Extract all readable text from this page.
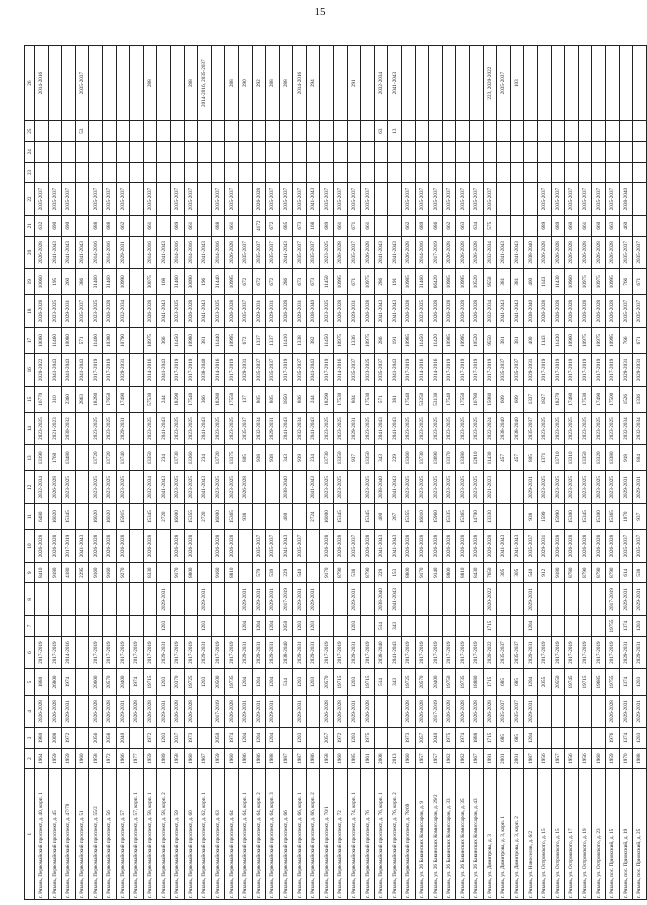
15
1	2	3	4	5	6	7	8	9	10	11	12	13	14	15	16	17	18	19	20	21	22	23	24	25	26
г. Рязань, Первомайский проспект, д. 40, корп. 1	1964	1980	2026-2028	1880	2017-2019			8410	2026-2028	6480	2032-2034	13190	2023-2025	16770	2020-2022	10060	2026-2028	10060	2026-2028	632	2035-2037				2014-2016
г. Рязань, Первомайский проспект, д. 45	1959	2008	2026-2028	26800	2017-2019			9180	2026-2028	16020	2026-2028	1760	2021-2023	310	2041-2043	11460	2023-2025	195	2041-2043	690	2035-2037				
г. Рязань, Первомайский проспект, д. 47/70	1959	1972	2029-2031	1974	2014-2016			4180	2017-2019	15345	2023-2025	13480	2030-2032	2360	2041-2043	10080	2029-2031	260	2041-2043	690	2035-2037				
г. Рязань, Первомайский проспект, д. 51	1960							2295	2041-2043					2863	2041-2043	571	2035-2037	386	2041-2043					53	2035-2037
г. Рязань, Первомайский проспект, д. 55/2	1958	2056	2026-2028	20600	2017-2019			9160	2026-2028	16020	2023-2025	13720	2023-2025	18280	2017-2019	11460	2023-2025	31460	2014-2016	688	2035-2037				
г. Рязань, Первомайский проспект, д. 56	1972	2058	2026-2028	20570	2017-2019			9160	2026-2028	16020	2023-2025	13720	2023-2025	17650	2017-2019	10380	2026-2028	31460	2014-2016	688	2035-2037				
г. Рязань, Первомайский проспект, д. 57	1966	2040	2029-2031	20400	2017-2019			9270	2026-2028	15915	2023-2025	13740	2029-2031	17490	2029-2031	10790	2032-2034	10990	2029-2031	662	2035-2037				
г. Рязань, Первомайский проспект, д. 57, корп. 1	1977		2026-2028	1974	2017-2019																				
г. Рязань, Первомайский проспект, д. 58, корп. 1	1959	1972	2026-2028	19715	2017-2019			8330	2026-2028	15345	2032-2034	13350	2023-2025	57530	2014-2016	10975	2026-2028	30075	2014-2016	661	2035-2037				288
г. Рязань, Первомайский проспект, д. 58, корп. 2	1989	1203	2029-2031	1203	2029-2031	1203	2029-2031			2720	2041-2043	234	2041-2043	244	2041-2043	366	2041-2043	168	2041-2043						
г. Рязань, Первомайский проспект, д. 59	1958	2037	2026-2028	20370	2017-2019			9170	2026-2028	16000	2023-2025	13730	2023-2025	18290	2017-2019	11450	2023-2025	31460	2014-2016	689	2035-2037				
г. Рязань, Первомайский проспект, д. 60	1960	1973	2026-2028	19725	2017-2019			8800	2026-2028	15355	2023-2025	13360	2023-2025	17540	2017-2019	10980	2026-2028	30090	2014-2016	661	2035-2037				288
г. Рязань, Первомайский проспект, д. 62, корп. 1	1967			1203	2029-2031	1203	2029-2031			2720	2041-2043	234	2041-2043	366	2038-2040	381	2041-2043	196	2041-2043						2014-2016, 2035-2037
г. Рязань, Первомайский проспект, д. 63	1959	2050	2017-2019	20500	2017-2019			9160	2026-2028	16000	2023-2025	13720	2023-2025	18280	2014-2016	11440	2023-2025	31440	2014-2016	688	2035-2037				
г. Рязань, Первомайский проспект, д. 64	1960	1974	2026-2028	19735	2017-2019			8810	2026-2028	15365	2023-2025	13375	2023-2025	17550	2017-2019	10995	2026-2028	10995	2026-2028	661	2035-2037				288
г. Рязань, Первомайский проспект, д. 64, корп. 1	1986	1204	2029-2031	1204	2029-2031	1204	2029-2031			938	2026-2028	805	2035-2037	137	2029-2031	672	2035-2037	672	2035-2037						290
г. Рязань, Первомайский проспект, д. 64, корп. 2	1986	1204	2029-2031	1204	2029-2031	1204	2029-2031	579	2035-2037			938	2032-2034	805	2035-2037	1337	2029-2031	672	2035-2037	4172	2026-2028				292
г. Рязань, Первомайский проспект, д. 64, корп. 3	1988	1204	2029-2031	1204	2029-2031	1204	2029-2031	539	2035-2037			938	2029-2031	805	2035-2037	1337	2029-2031	672	2035-2037	672	2035-2037				288
г. Рязань, Первомайский проспект, д. 66	1987			514	2038-2040	2050	2017-2019	229	2041-2043	400	2038-2040	343	2041-2043	1850	2017-2019	11410	2026-2028	286	2041-2043	685	2035-2037				288
г. Рязань, Первомайский проспект, д. 66, корп. 1	1987	1203	2029-2031	1203	2029-2031	1203	2029-2031	540	2035-2037			939	2032-2034	806	2035-2037	1338	2029-2031	673	2035-2037	673	2035-2037				2014-2016
г. Рязань, Первомайский проспект, д. 66, корп. 2	1986			1203	2029-2031	1203	2029-2031			2724	2041-2043	234	2041-2043	244	2041-2043	382	2038-2040	673	2035-2037	168	2041-2043				294
г. Рязань, Первомайский проспект, д. 70/1	1958	2057	2026-2028	20570	2017-2019			9170	2026-2028	16000	2023-2025	13730	2023-2025	18290	2017-2019	11450	2023-2025	11450	2023-2025	689	2035-2037				
г. Рязань, Первомайский проспект, д. 72	1960	1972	2026-2028	19715	2017-2019			8790	2026-2028	15345	2023-2025	13350	2023-2025	17530	2014-2016	10975	2026-2028	10995	2026-2028	661	2035-2037				
г. Рязань, Первомайский проспект, д. 74, корп. 1	1985	1203	2029-2031	1203	2029-2031	1203	2029-2031	538	2035-2037			937	2029-2031	804	2035-2037	1336	2029-2031	671	2035-2037	671	2035-2037				291
г. Рязань, Первомайский проспект, д. 76	1961	1975	2026-2028	19715	2017-2019			8790	2026-2028	15345	2023-2025	13350	2023-2025	17530	2023-2025	10975	2026-2028	10975	2026-2028	661	2035-2037				
г. Рязань, Первомайский проспект, д. 76, корп. 1	2008			514	2038-2040	514	2038-2040	229	2041-2043	400	2038-2040	343	2041-2043	571	2035-2037	286	2041-2043	286	2041-2043					63	2032-2034
г. Рязань, Первомайский проспект, д. 76, корп. 2	2013			343	2041-2043	343	2041-2043	153	2041-2043	267	2041-2043	229	2041-2043	381	2041-2043	191	2041-2043	191	2041-2043					13	2041-2043
г. Рязань, Первомайский проспект, д. 78/69	1960	1973	2026-2028	19725	2017-2019			8800	2026-2028	15355	2023-2025	13360	2023-2025	17540	2017-2019	10985	2026-2028	10985	2026-2028	662	2035-2037				
г. Рязань, ул. 26 Бакинских Комиссаров, д. 9	1957	2057	2026-2028	20570	2017-2019			9170	2026-2028	16010	2023-2025	13730	2023-2025	53250	2014-2016	11450	2023-2025	31460	2014-2016	689	2035-2037				
г. Рязань, ул. 26 Бакинских Комиссаров, д. 29/2	1957	2040	2017-2019	20400	2017-2019			9140	2026-2028	15960	2023-2025	13690	2023-2025	53130	2014-2016	11420	2026-2028	66420	2017-2019	686	2035-2037				
г. Рязань, ул. 26 Бакинских Комиссаров, д. 33	1962	1975	2026-2028	19750	2017-2019			8800	2026-2028	15335	2023-2025	13370	2023-2025	17540	2017-2019	10985	2026-2028	10985	2026-2028	662	2035-2037				
г. Рязань, ул. 26 Бакинских Комиссаров, д. 35	1962	1974	2026-2028	19735	2017-2019			8810	2026-2028	15365	2023-2025	13380	2023-2025	17550	2017-2019	10995	2026-2028	10995	2026-2028	663	2035-2037				
г. Рязань, ул. 26 Бакинских Комиссаров, д. 43	1967	1888	2026-2028	18880	2017-2019			8430	2026-2028	14700	2023-2025	12810	2023-2025	16780	2017-2019	10520	2026-2028	10520	2026-2028	634	2035-2037				
г. Рязань, ул. Димитрова, д. 3	1991	1715	2026-2028	1715	2020-2022	1715	2020-2022	7650	2026-2028	13330	2021-2023	11430	2022-2024	15080	2017-2019	9550	2032-2034	9550	2032-2034	575	2035-2037				223, 2020-2022
г. Рязань, ул. Димитрова, д. 3, корп. 1	2001	685	2035-2037	685	2035-2037			305	2041-2043			457	2038-2040	609	2035-2037	381	2041-2043	381	2041-2043						2035-2037
г. Рязань, ул. Димитрова, д. 3, корп. 2	2001	685	2035-2037	685	2035-2037			305	2041-2043			457	2038-2040	609	2035-2037	381	2041-2043	381	2041-2043						103
г. Рязань, ул. Новоселов, д. 6/2	1987	1204	2029-2031	1204	2029-2031	1204	2029-2031	540	2035-2037	938	2029-2031	805	2035-2037	1337	2029-2031	400	2038-2040	400	2038-2040						
г. Рязань, ул. Островского, д. 15	1956			2055	2017-2019			912	2029-2031	1599	2023-2025	1371	2023-2025	1827	2017-2019	1143	2026-2028	1143	2026-2028	689	2035-2037				
г. Рязань, ул. Островского, д. 15	1957			20550	2017-2019			9180	2026-2028	15990	2023-2025	13710	2023-2025	18270	2017-2019	11430	2026-2028	11430	2026-2028	689	2035-2037				
г. Рязань, ул. Островского, д. 17	1956			19745	2017-2019			8780	2026-2028	15300	2023-2025	13310	2023-2025	17480	2017-2019	10960	2026-2028	10960	2026-2028	660	2035-2037				
г. Рязань, ул. Островского, д. 19	1956			19715	2017-2019			8790	2026-2028	15345	2023-2025	13350	2023-2025	17530	2017-2019	10975	2026-2028	10975	2026-2028	661	2035-2037				
г. Рязань, ул. Островского, д. 23	1960			19685	2017-2019			8790	2026-2028	15300	2023-2025	13320	2023-2025	17490	2017-2019	10975	2026-2028	10975	2026-2028	660	2035-2037				
г. Рязань, пос. Приокский, д. 15	1959	1976	2026-2028	19755	2017-2019	19755	2017-2019	8790	2026-2028	15365	2023-2025	13380	2023-2025	17500	2017-2019	10995	2026-2028	10995	2026-2028	663	2035-2037				
г. Рязань, пос. Приокский, д. 19	1970	1374	2029-2031	1374	2029-2031	1374	2029-2031	614	2035-2037	1070	2029-2031	918	2032-2034	1526	2029-2031	766	2035-2037	766	2035-2037	460	2038-2040				
г. Рязань, пос. Приокский, д. 25	1988	1203	2029-2031	1203	2029-2031	1203	2029-2031	538	2035-2037	937	2029-2031	804	2032-2034	1336	2029-2031	671	2035-2037	671	2035-2037						
